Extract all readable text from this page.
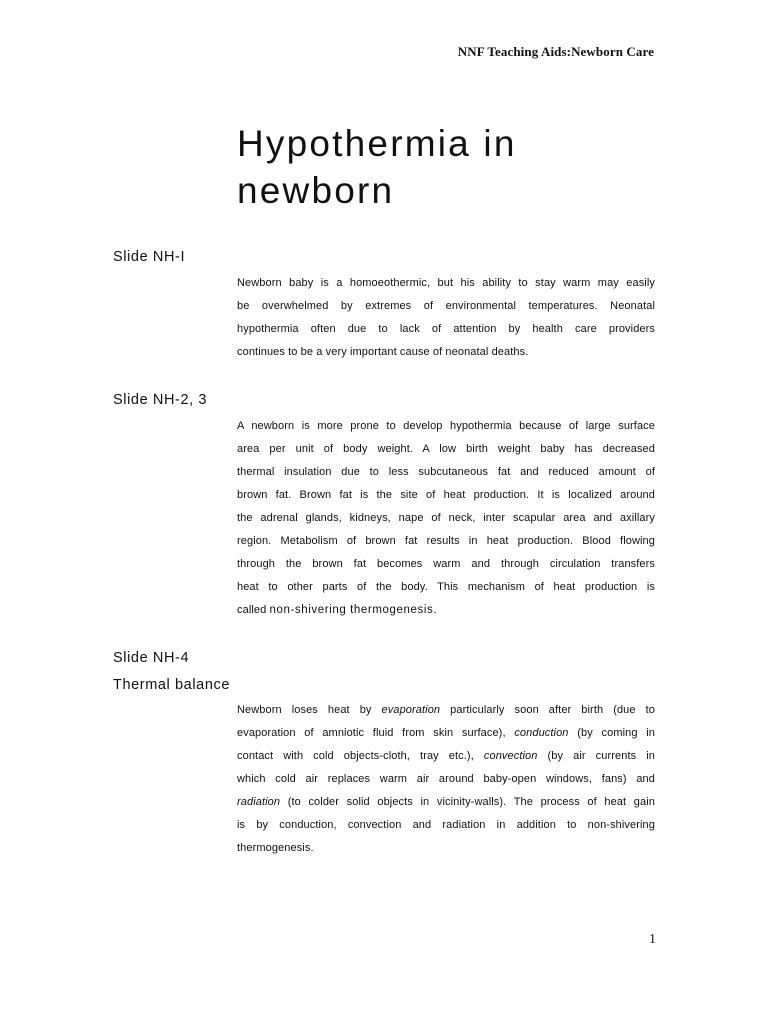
NNF Teaching Aids:Newborn Care
Hypothermia in
newborn
Slide NH-I

Newborn baby is a homoeothermic, but his ability to stay warm may easily
be overwhelmed by extremes of environmental temperatures. Neonatal
hypothermia often due to lack of attention by health care providers
continues to be a very important cause of neonatal deaths.

Slide NH-2, 3

A newborn is more prone to develop hypothermia because of large surface
area per unit of body weight. A low birth weight baby has decreased
thermal insulation due to less subcutaneous fat and reduced amount of
brown fat. Brown fat is the site of heat production. It is localized around
the adrenal glands, kidneys, nape of neck, inter scapular area and axillary
region. Metabolism of brown fat results in heat production. Blood flowing
through the brown fat becomes warm and through circulation transfers
heat to other parts of the body. This mechanism of heat production is
called non-shivering thermogenesis.

Slide NH-4
Thermal balance

Newborn loses heat by evaporation particularly soon after birth (due to
evaporation of amniotic fluid from skin surface), conduction (by coming in
contact with cold objects-cloth, tray etc.), convection (by air currents in
which cold air replaces warm air around baby-open windows, fans) and
radiation (to colder solid objects in vicinity-walls). The process of heat gain
is by conduction, convection and radiation in addition to non-shivering
thermogenesis.

1
